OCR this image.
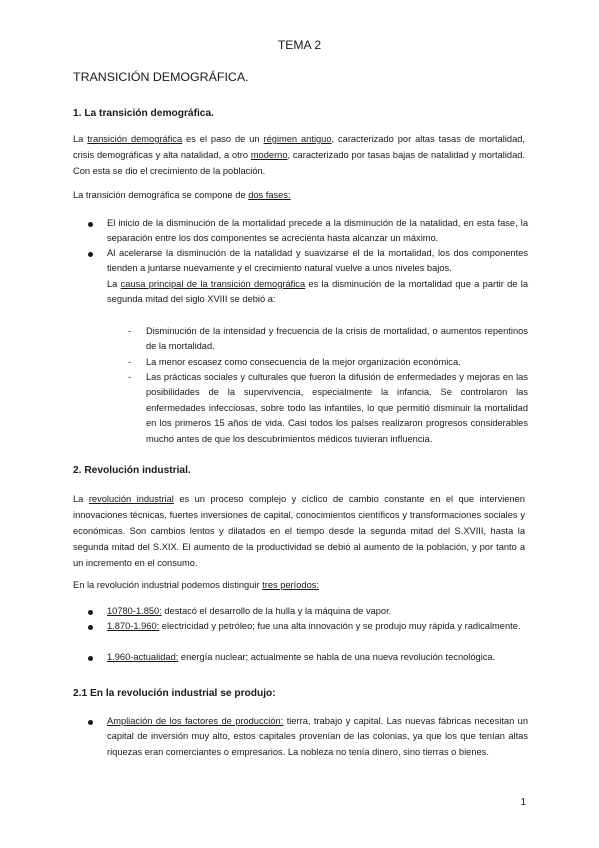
TEMA 2
TRANSICIÓN DEMOGRÁFICA.
1. La transición demográfica.
La transición demográfica es el paso de un régimen antiguo, caracterizado por altas tasas de mortalidad, crisis demográficas y alta natalidad, a otro moderno, caracterizado por tasas bajas de natalidad y mortalidad. Con esta se dio el crecimiento de la población.
La transición demográfica se compone de dos fases:
El inicio de la disminución de la mortalidad precede a la disminución de la natalidad, en esta fase, la separación entre los dos componentes se acrecienta hasta alcanzar un máximo.
Al acelerarse la disminución de la natalidad y suavizarse el de la mortalidad, los dos componentes tienden a juntarse nuevamente y el crecimiento natural vuelve a unos niveles bajos.
La causa principal de la transición demográfica es la disminución de la mortalidad que a partir de la segunda mitad del siglo XVIII se debió a:
- Disminución de la intensidad y frecuencia de la crisis de mortalidad, o aumentos repentinos de la mortalidad.
- La menor escasez como consecuencia de la mejor organización económica.
- Las prácticas sociales y culturales que fueron la difusión de enfermedades y mejoras en las posibilidades de la supervivencia, especialmente la infancia. Se controlaron las enfermedades infecciosas, sobre todo las infantiles, lo que permitió disminuir la mortalidad en los primeros 15 años de vida. Casi todos los países realizaron progresos considerables mucho antes de que los descubrimientos médicos tuvieran influencia.
2. Revolución industrial.
La revolución industrial es un proceso complejo y cíclico de cambio constante en el que intervienen innovaciones técnicas, fuertes inversiones de capital, conocimientos científicos y transformaciones sociales y económicas. Son cambios lentos y dilatados en el tiempo desde la segunda mitad del S.XVIII, hasta la segunda mitad del S.XIX. El aumento de la productividad se debió al aumento de la población, y por tanto a un incremento en el consumo.
En la revolución industrial podemos distinguir tres períodos:
10780-1.850: destacó el desarrollo de la hulla y la máquina de vapor.
1.870-1.960: electricidad y petróleo; fue una alta innovación y se produjo muy rápida y radicalmente.
1.960-actualidad: energía nuclear; actualmente se habla de una nueva revolución tecnológica.
2.1 En la revolución industrial se produjo:
Ampliación de los factores de producción: tierra, trabajo y capital. Las nuevas fábricas necesitan un capital de inversión muy alto, estos capitales provenían de las colonias, ya que los que tenían altas riquezas eran comerciantes o empresarios. La nobleza no tenía dinero, sino tierras o bienes.
1
